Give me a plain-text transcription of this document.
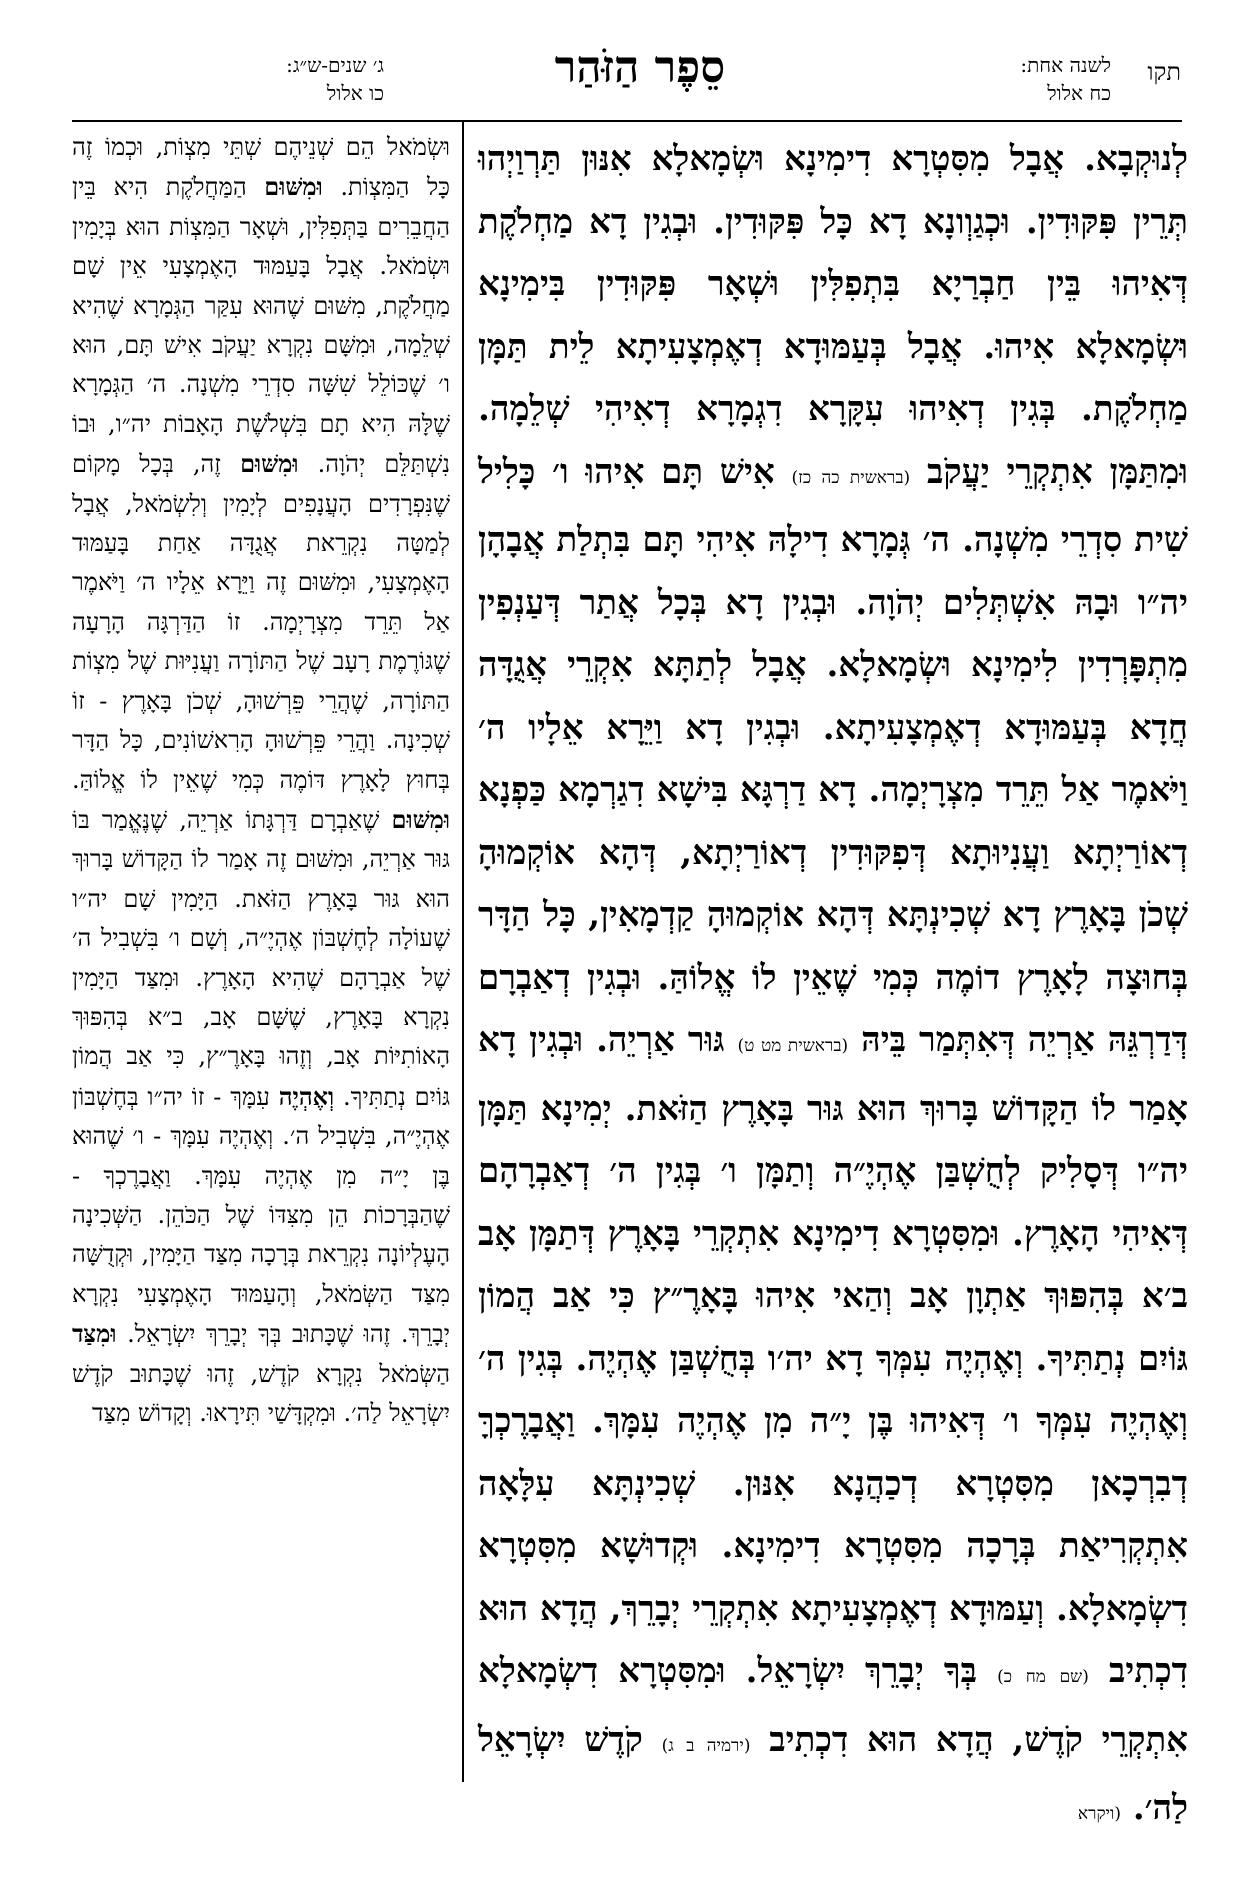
תקו
לשנה אחת:
כח אלול
סֵפֶר הַזֹּהַר
ג׳ שנים-ש״ג:
כו אלול

לְנוּקְבָא. אֲבָל מִסִּטְרָא דִימִינָא וּשְׂמָאלָא אִנּוּן תַּרְוַיְהוּ תְּרֵין פִּקּוּדִין. וּכְגַוְונָא דָא כָּל פִּקּוּדִין. וּבְגִין דָא מַחְלֹקֶת דְּאִיהוּ בֵּין חַבְרַיָא בִּתְפִלִּין וּשְׁאָר פִּקּוּדִין בִּימִינָא וּשְׂמָאלָא אִיהוּ. אֲבָל בְּעַמּוּדָא דְאֶמְצָעִיתָא לֵית תַּמָּן מַחְלֹקֶת. בְּגִין דְאִיהוּ עִקָּרָא דִגְמָרָא דְאִיהִי שְׁלֵמָה. וּמִתַּמָּן אִתְקְרֵי יַעֲקֹב (בראשית כה כז) אִישׁ תָּם אִיהוּ ו׳ כָּלִיל שִׁית סִדְרֵי מִשְׁנָה. ה׳ גְּמָרָא דִילָהּ אִיהִי תָּם בִּתְלַת אֲבָהָן יה״ו וּבָהּ אִשְׁתְּלִים יְהֹוָה. וּבְגִין דָא בְּכָל אֲתַר דְּעַנְפִין מִתְפָּרְדִין לִימִינָא וּשְׂמָאלָא. אֲבָל לְתַתָּא אִקְרֵי אֲגֻדָּה חֲדָא בְּעַמּוּדָא דְאֶמְצָעִיתָא. וּבְגִין דָא וַיֵּרָא אֵלָיו ה׳ וַיֹּאמֶר אַל תֵּרֵד מִצְרָיְמָה. דָא דַרְגָּא בִּישָׁא דִגַרְמָא כַּפְנָא דְאוֹרַיְתָא וַעֲנִיוּתָא דְּפִקּוּדִין דְאוֹרַיְתָא, דְּהָא אוֹקְמוּהָ שְׁכֹן בָּאָרֶץ דָא שְׁכִינְתָּא דְּהָא אוֹקְמוּהָ קַדְמָאִין, כָּל הַדָּר בְּחוּצָה לָאָרֶץ דוֹמֶה כְּמִי שֶׁאֵין לוֹ אֱלוֹהַּ. וּבְגִין דְאַבְרָם דְּדַרְגֵּהּ אַרְיֵה דְּאִתְּמַר בֵּיהּ (בראשית מט ט) גּוּר אַרְיֵה. וּבְגִין דָא אָמַר לוֹ הַקָּדוֹשׁ בָּרוּךְ הוּא גּוּר בָּאָרֶץ הַזֹּאת. יְמִינָא תַּמָּן יה״ו דְּסָלִיק לְחֻשְׁבַּן אֶהְיֶ״ה וְתַמָּן ו׳ בְּגִין ה׳ דְאַבְרָהָם דְּאִיהִי הָאָרֶץ. וּמִסִּטְרָא דִימִינָא אִתְקְרֵי בָּאָרֶץ דְּתַמָּן אָב ב׳א בְּהִפּוּךְ אַתְוָן אָב וְהַאי אִיהוּ בָּאָרֶ״ץ כִּי אַב הֲמוֹן גּוֹיִם נְתַתִּיךָ. וְאֶהְיֶה עִמְּךָ דָא יה׳ו בְּחֻשְׁבַּן אֶהְיֶה. בְּגִין ה׳ וְאֶהְיֶה עִמְּךָ ו׳ דְּאִיהוּ בֶּן יָ״ה מִן אֶהְיֶה עִמָּךְ. וַאֲבָרֶכְךָּ דְבִרְכָאן מִסִּטְרָא דְכַהֲנָא אִנּוּן. שְׁכִינְתָּא עִלָּאָה אִתְקְרִיאַת בְּרָכָה מִסִּטְרָא דִימִינָא. וּקְדוּשָׁא מִסִּטְרָא דִשְׂמָאלָא. וְעַמּוּדָא דְאֶמְצָעִיתָא אִתְקְרֵי יְבָרֵךְ, הֲדָא הוּא דִכְתִיב (שם מח כ) בְּךָ יְבָרֵךְ יִשְׂרָאֵל. וּמִסִּטְרָא דִשְׂמָאלָא אִתְקְרֵי קֹדֶשׁ, הֲדָא הוּא דִכְתִיב (ירמיה ב ג) קֹדֶשׁ יִשְׂרָאֵל לַה׳. (ויקרא

וּשְׂמֹאל הֵם שְׁנֵיהֶם שְׁתֵּי מִצְוֹת, וּכְמוֹ זֶה כָּל הַמִּצְוֹת. וּמִשּׁוּם הַמַּחֲלֹקֶת הִיא בֵּין הַחֲבֵרִים בַּתְּפִלִּין, וּשְׁאָר הַמִּצְוֹת הוּא בְּיָמִין וּשְׂמֹאל. אֲבָל בָּעַמּוּד הָאֶמְצָעִי אֵין שָׁם מַחֲלֹקֶת, מִשּׁוּם שֶׁהוּא עִקַּר הַגְּמָרָא שֶׁהִיא שְׁלֵמָה, וּמִשָּׁם נִקְרָא יַעֲקֹב אִישׁ תָּם, הוּא ו׳ שֶׁכּוֹלֵל שִׁשָּׁה סִדְרֵי מִשְׁנָה. ה׳ הַגְּמָרָא שֶׁלָּהּ הִיא תָם בִּשְׁלֹשֶׁת הָאָבוֹת יה״ו, וּבוֹ נִשְׁתַּלֵּם יְהֹוָה. וּמִשּׁוּם זֶה, בְּכָל מָקוֹם שֶׁנִּפְרָדִים הָעֲנָפִים לְיָמִין וְלִשְׂמֹאל, אֲבָל לְמַטָּה נִקְרֵאת אֲגֻדָּה אַחַת בָּעַמּוּד הָאֶמְצָעִי, וּמִשּׁוּם זֶה וַיֵּרָא אֵלָיו ה׳ וַיֹּאמֶר אַל תֵּרֵד מִצְרָיְמָה. זוֹ הַדַּרְגָּה הָרָעָה שֶׁגּוֹרֶמֶת רָעָב שֶׁל הַתּוֹרָה וַעֲנִיּוּת שֶׁל מִצְוֹת הַתּוֹרָה, שֶׁהֲרֵי פֵּרְשׁוּהָ, שְׁכֹן בָּאָרֶץ - זוֹ שְׁכִינָה. וַהֲרֵי פֵּרְשׁוּהָ הָרִאשׁוֹנִים, כָּל הַדָּר בְּחוּץ לָאָרֶץ דּוֹמֶה כְּמִי שֶׁאֵין לוֹ אֱלוֹהַּ. וּמִשּׁוּם שֶׁאַבְרָם דַּרְגָּתוֹ אַרְיֵה, שֶׁנֶּאֱמַר בּוֹ גּוּר אַרְיֵה, וּמִשּׁוּם זֶה אָמַר לוֹ הַקָּדוֹשׁ בָּרוּךְ הוּא גּוּר בָּאָרֶץ הַזֹּאת. הַיָּמִין שָׁם יה״ו שֶׁעוֹלָה לְחֶשְׁבּוֹן אֶהְיֶ״ה, וְשָׁם ו׳ בִּשְׁבִיל ה׳ שֶׁל אַבְרָהָם שֶׁהִיא הָאָרֶץ. וּמִצַּד הַיָּמִין נִקְרָא בָּאָרֶץ, שֶׁשָּׁם אָב, ב״א בְּהִפּוּךְ הָאוֹתִיּוֹת אָב, וְזֶהוּ בָּאָרֶ״ץ, כִּי אַב הֲמוֹן גּוֹיִם נְתַתִּיךָ. וְאֶהְיֶה עִמָּךְ - זוֹ יה״ו בְּחֶשְׁבּוֹן אֶהְיֶ״ה, בִּשְׁבִיל ה׳. וְאֶהְיֶה עִמָּךְ - ו׳ שֶׁהוּא בֶּן יָ״ה מִן אֶהְיֶה עִמָּךְ. וַאֲבָרֶכְךָ - שֶׁהַבְּרָכוֹת הֵן מִצִּדּוֹ שֶׁל הַכֹּהֵן. הַשְּׁכִינָה הָעֶלְיוֹנָה נִקְרֵאת בְּרָכָה מִצַּד הַיָּמִין, וּקְדֻשָּׁה מִצַּד הַשְּׂמֹאל, וְהָעַמּוּד הָאֶמְצָעִי נִקְרָא יְבָרֵךְ. זֶהוּ שֶׁכָּתוּב בְּךָ יְבָרֵךְ יִשְׂרָאֵל. וּמִצַּד הַשְּׂמֹאל נִקְרָא קֹדֶשׁ, זֶהוּ שֶׁכָּתוּב קֹדֶשׁ יִשְׂרָאֵל לַה׳. וּמִקְדָּשַׁי תִּירָאוּ. וְקָדוֹשׁ מִצַּד
